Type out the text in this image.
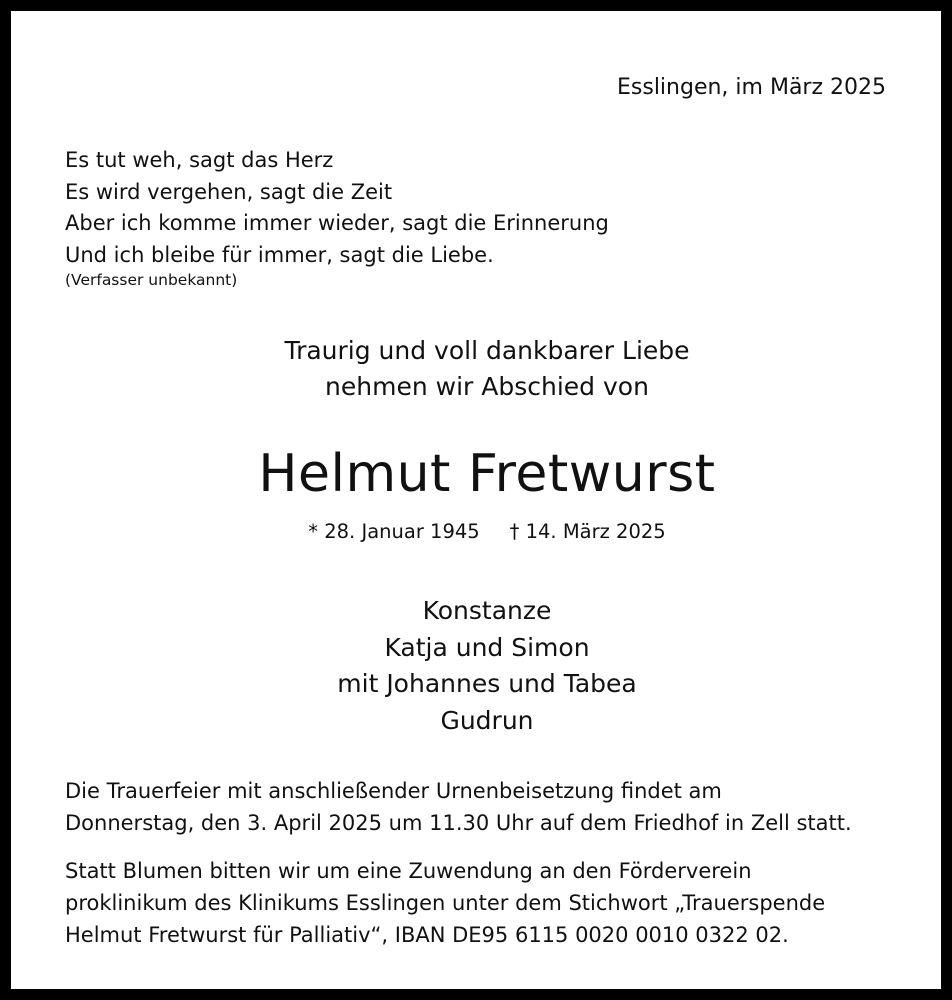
Esslingen, im März 2025
Es tut weh, sagt das Herz
Es wird vergehen, sagt die Zeit
Aber ich komme immer wieder, sagt die Erinnerung
Und ich bleibe für immer, sagt die Liebe.
(Verfasser unbekannt)
Traurig und voll dankbarer Liebe
nehmen wir Abschied von
Helmut Fretwurst
* 28. Januar 1945 † 14. März 2025
Konstanze
Katja und Simon
mit Johannes und Tabea
Gudrun
Die Trauerfeier mit anschließender Urnenbeisetzung findet am
Donnerstag, den 3. April 2025 um 11.30 Uhr auf dem Friedhof in Zell statt.
Statt Blumen bitten wir um eine Zuwendung an den Förderverein
proklinikum des Klinikums Esslingen unter dem Stichwort „Trauerspende
Helmut Fretwurst für Palliativ“, IBAN DE95 6115 0020 0010 0322 02.
